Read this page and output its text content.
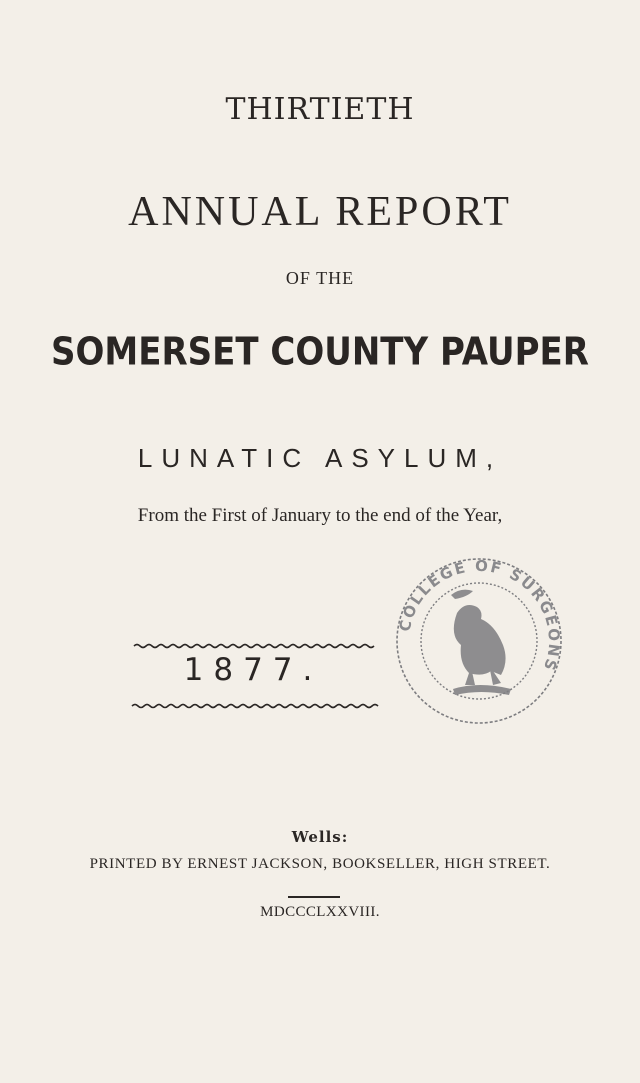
THIRTIETH
ANNUAL REPORT
OF THE
SOMERSET COUNTY PAUPER
LUNATIC ASYLUM,
From the First of January to the end of the Year,
1877.
COLLEGE OF SURGEONS
Wells:
PRINTED BY ERNEST JACKSON, BOOKSELLER, HIGH STREET.
MDCCCLXXVIII.
